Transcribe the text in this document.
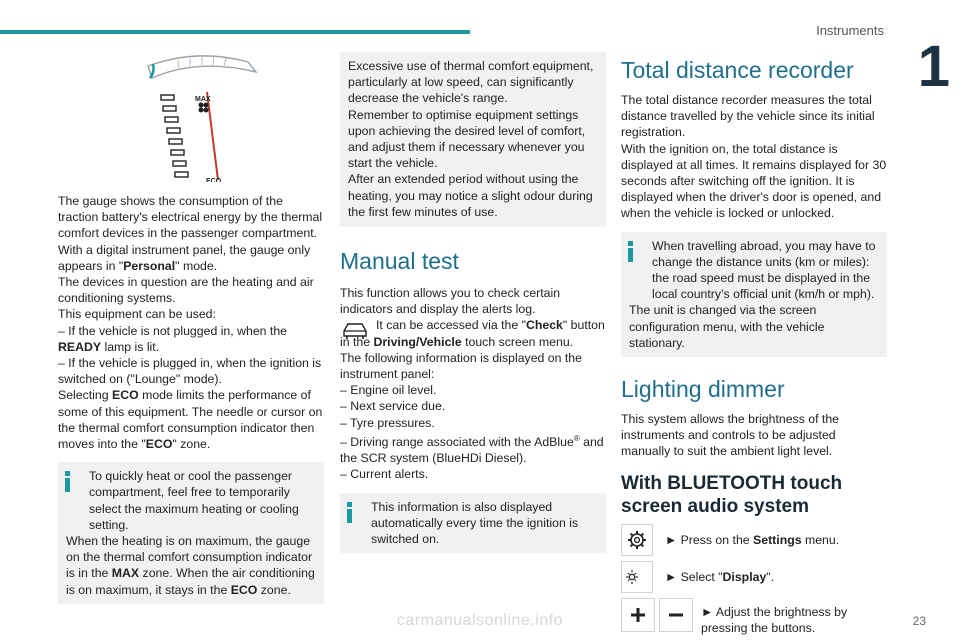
Instruments
1
MAX
ECO

The gauge shows the consumption of the traction battery's electrical energy by the thermal comfort devices in the passenger compartment.

With a digital instrument panel, the gauge only appears in "Personal" mode.

The devices in question are the heating and air conditioning systems.

This equipment can be used:

– If the vehicle is not plugged in, when the READY lamp is lit.

– If the vehicle is plugged in, when the ignition is switched on ("Lounge" mode).

Selecting ECO mode limits the performance of some of this equipment. The needle or cursor on the thermal comfort consumption indicator then moves into the "ECO" zone.

To quickly heat or cool the passenger compartment, feel free to temporarily select the maximum heating or cooling setting.
When the heating is on maximum, the gauge on the thermal comfort consumption indicator is in the MAX zone. When the air conditioning is on maximum, it stays in the ECO zone.
Excessive use of thermal comfort equipment, particularly at low speed, can significantly decrease the vehicle's range.
Remember to optimise equipment settings upon achieving the desired level of comfort, and adjust them if necessary whenever you start the vehicle.
After an extended period without using the heating, you may notice a slight odour during the first few minutes of use.
Manual test

This function allows you to check certain indicators and display the alerts log.

It can be accessed via the "Check" button in the Driving/Vehicle touch screen menu.

The following information is displayed on the instrument panel:

– Engine oil level.

– Next service due.

– Tyre pressures.

– Driving range associated with the AdBlue® and the SCR system (BlueHDi Diesel).

– Current alerts.

This information is also displayed automatically every time the ignition is switched on.
Total distance recorder

The total distance recorder measures the total distance travelled by the vehicle since its initial registration.

With the ignition on, the total distance is displayed at all times. It remains displayed for 30 seconds after switching off the ignition. It is displayed when the driver's door is opened, and when the vehicle is locked or unlocked.

When travelling abroad, you may have to change the distance units (km or miles): the road speed must be displayed in the local country’s official unit (km/h or mph).
The unit is changed via the screen configuration menu, with the vehicle stationary.
Lighting dimmer

This system allows the brightness of the instruments and controls to be adjusted manually to suit the ambient light level.

With BLUETOOTH touch screen audio system

► Press on the Settings menu.

► Select "Display".

► Adjust the brightness by pressing the buttons.

carmanualsonline.info	23
